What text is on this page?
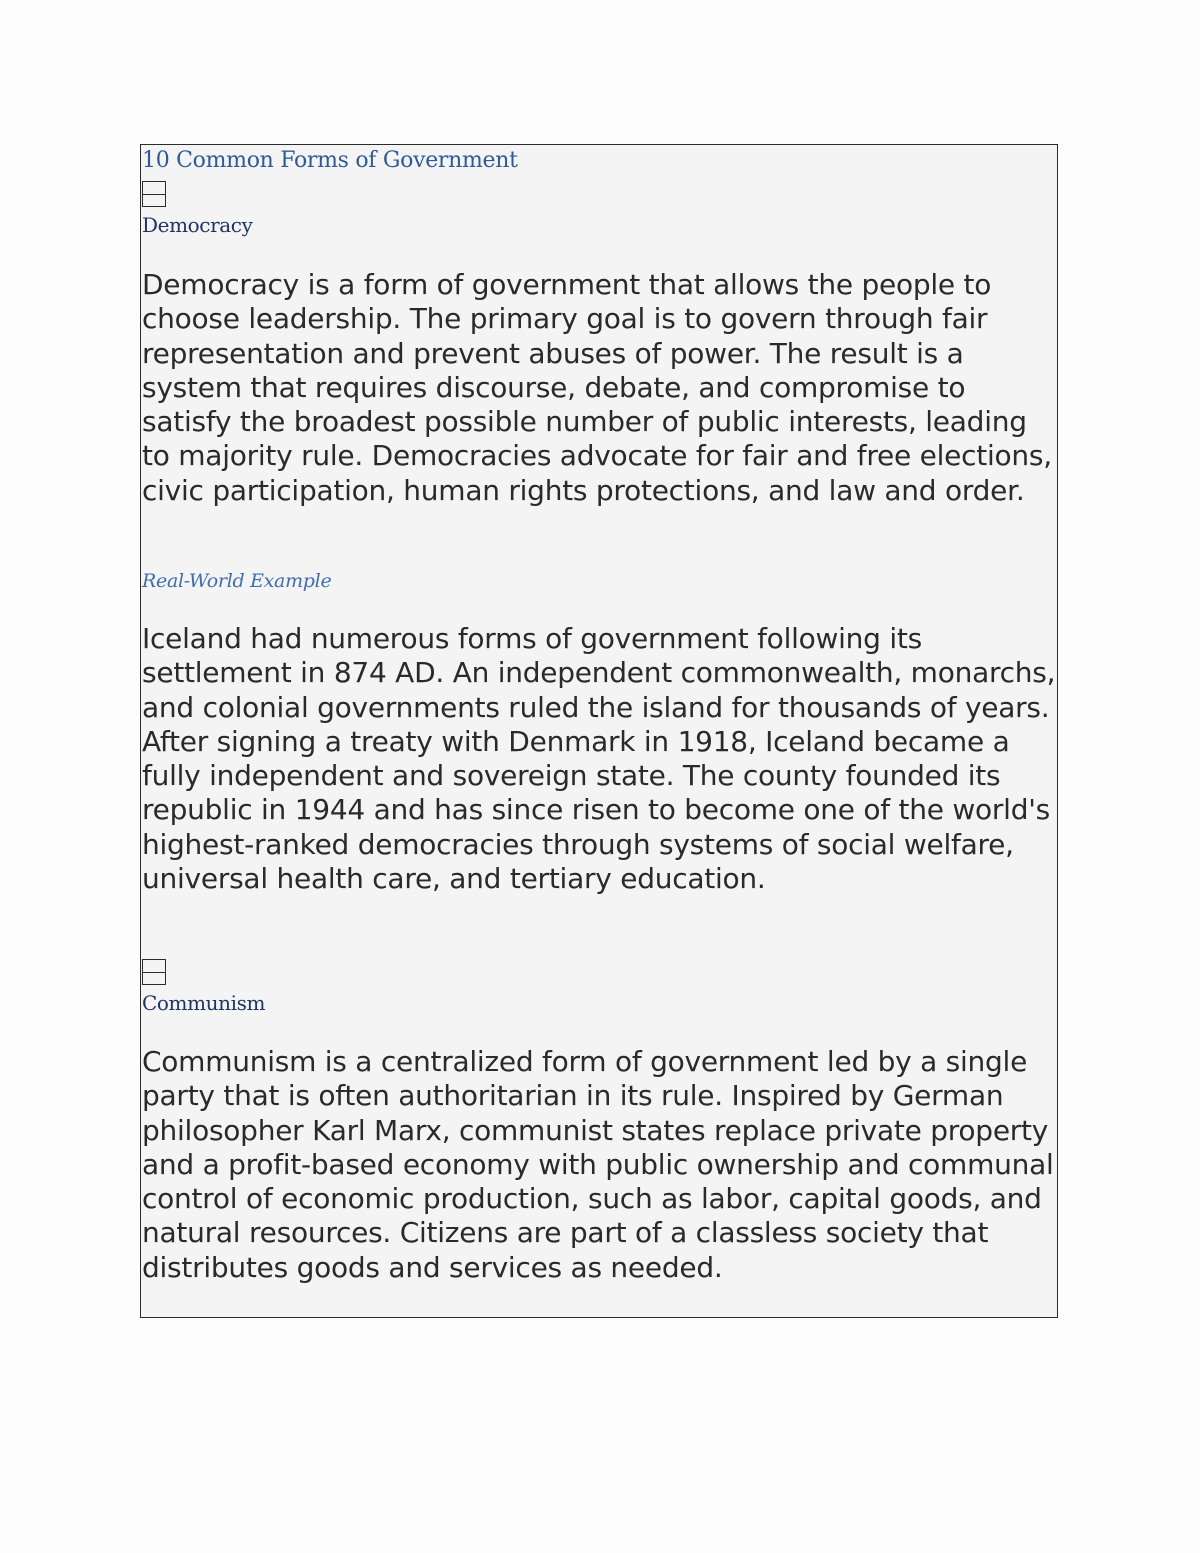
10 Common Forms of Government
Democracy
Democracy is a form of government that allows the people to choose leadership. The primary goal is to govern through fair representation and prevent abuses of power. The result is a system that requires discourse, debate, and compromise to satisfy the broadest possible number of public interests, leading to majority rule. Democracies advocate for fair and free elections, civic participation, human rights protections, and law and order.
Real-World Example
Iceland had numerous forms of government following its settlement in 874 AD. An independent commonwealth, monarchs, and colonial governments ruled the island for thousands of years. After signing a treaty with Denmark in 1918, Iceland became a fully independent and sovereign state. The county founded its republic in 1944 and has since risen to become one of the world's highest-ranked democracies through systems of social welfare, universal health care, and tertiary education.
Communism
Communism is a centralized form of government led by a single party that is often authoritarian in its rule. Inspired by German philosopher Karl Marx, communist states replace private property and a profit-based economy with public ownership and communal control of economic production, such as labor, capital goods, and natural resources. Citizens are part of a classless society that distributes goods and services as needed.
